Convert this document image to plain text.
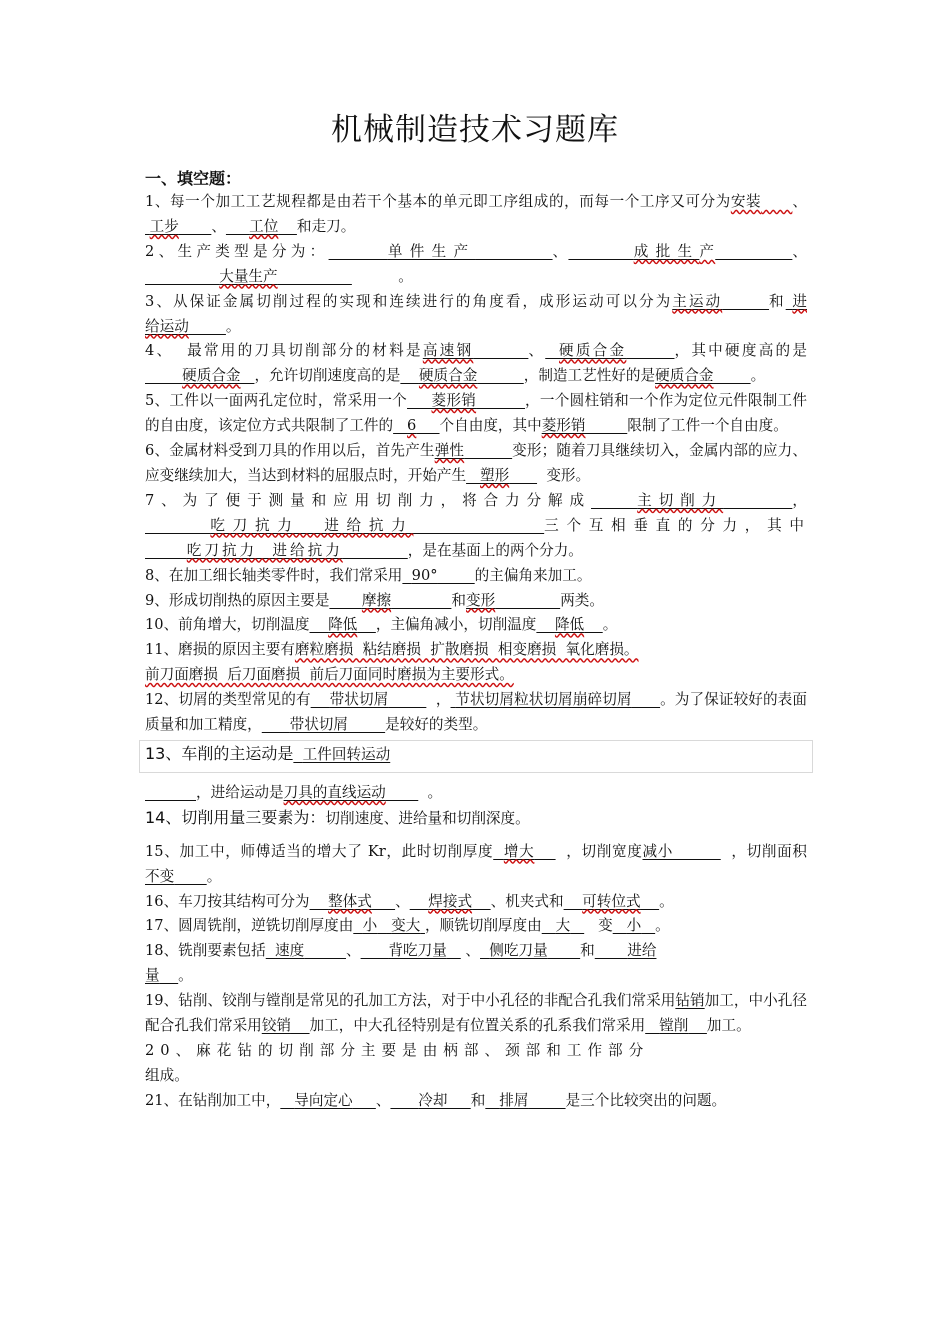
机械制造技术习题库
一、填空题：

1、每一个加工工艺规程都是由若干个基本的单元即工序组成的，而每一个工序又可分为安装 、 工步 、 工位 和走刀。

2、生产类型是分为：	单件生产	、	成批生产	、                大量生产	。

3、从保证金属切削过程的实现和连续进行的角度看，成形运动可以分为主运动	和 进给运动	。

4、  最常用的刀具切削部分的材料是高速钢	、 硬质合金	，其中硬度高的是        硬质合金 ，允许切削速度高的是 硬质合金	，制造工艺性好的是硬质合金	。

5、工件以一面两孔定位时，常采用一个 菱形销	，一个圆柱销和一个作为定位元件限制工件的自由度，该定位方式共限制了工件的 6 个自由度，其中菱形销	限制了工件一个自由度。

6、金属材料受到刀具的作用以后，首先产生弹性	变形；随着刀具继续切入，金属内部的应力、应变继续加大，当达到材料的屈服点时，开始产生 塑形	变形。

7、为了便于测量和应用切削力，将合力分解成	主切削力	，       吃刀抗力  进给抗力	三个互相垂直的分力，其中         吃刀抗力  进给抗力	，是在基面上的两个分力。

8、在加工细长轴类零件时，我们常采用 90°	的主偏角来加工。

9、形成切削热的原因主要是 摩擦	和变形	两类。

10、前角增大，切削温度 降低 ，主偏角减小，切削温度 降低 。

11、磨损的原因主要有磨粒磨损  粘结磨损  扩散磨损  相变磨损  氧化磨损。
前刀面磨损  后刀面磨损  前后刀面同时磨损为主要形式。

12、切屑的类型常见的有 带状切屑	， 节状切屑粒状切屑崩碎切屑 。为了保证较好的表面质量和加工精度， 带状切屑	是较好的类型。

13、车削的主运动是 工件回转运动

，进给运动是刀具的直线运动	。

14、切削用量三要素为：切削速度、进给量和切削深度。

15、加工中，师傅适当的增大了 Kr，此时切削厚度 增大 ，切削宽度减小	，切削面积 不变 。

16、车刀按其结构可分为 整体式 、 焊接式 、机夹式和 可转位式 。

17、圆周铣削，逆铣切削厚度由 小 变大 ，顺铣切削厚度由 大 变 小 。

18、铣削要素包括 速度	、 背吃刀量 、 侧吃刀量 和 进给
量 。

19、钻削、铰削与镗削是常见的孔加工方法，对于中小孔径的非配合孔我们常采用钻销加工，中小孔径配合孔我们常采用铰销 加工，中大孔径特别是有位置关系的孔系我们常采用 镗削 加工。

20、麻花钻的切削部分主要是由柄部、颈部和工作部分
组成。

21、在钻削加工中， 导向定心 、 冷却 和 排屑	是三个比较突出的问题。
